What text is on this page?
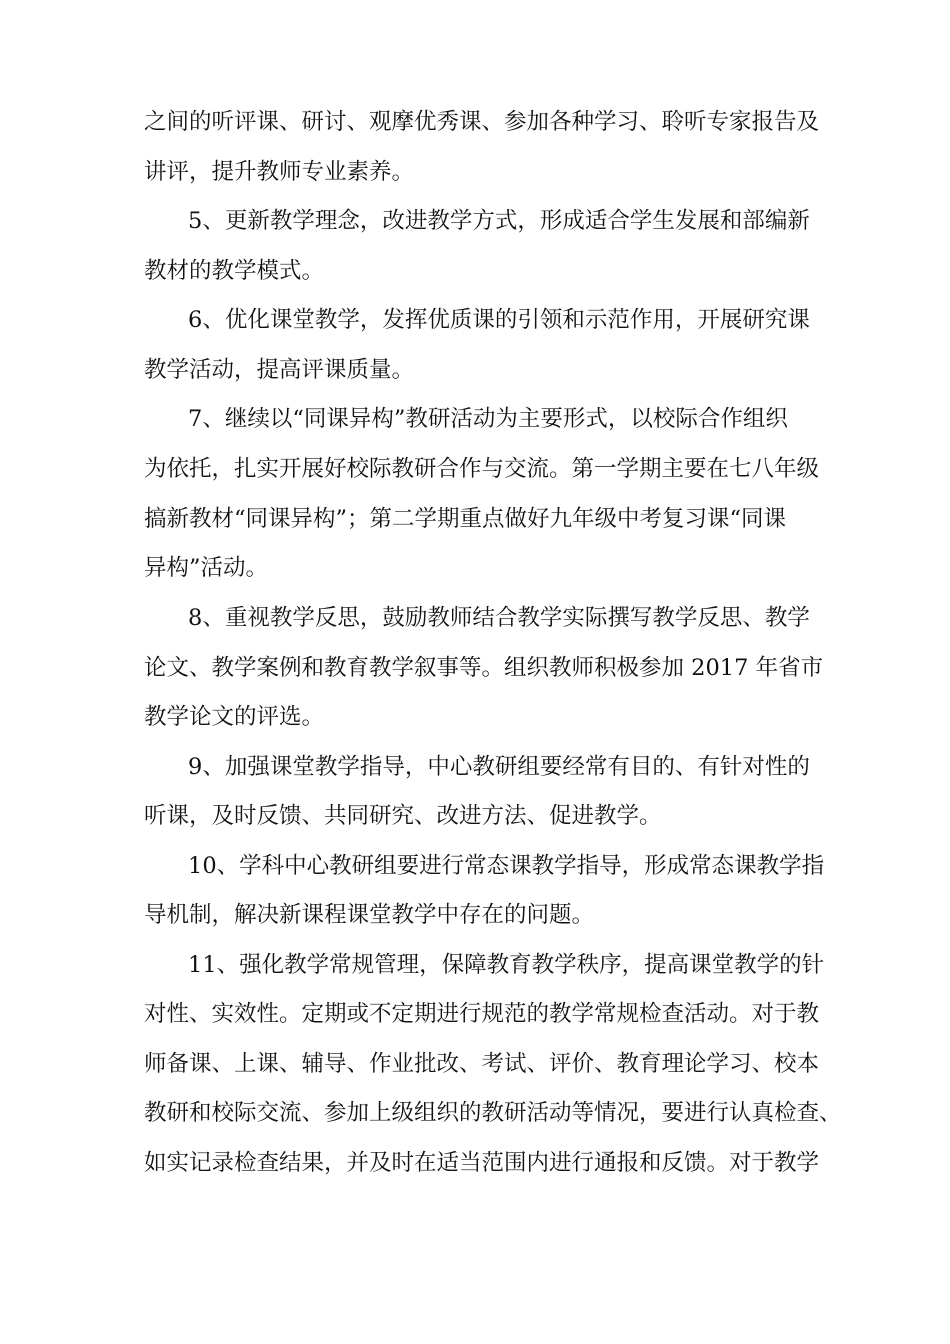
之间的听评课、研讨、观摩优秀课、参加各种学习、聆听专家报告及
讲评，提升教师专业素养。
5、更新教学理念，改进教学方式，形成适合学生发展和部编新
教材的教学模式。
6、优化课堂教学，发挥优质课的引领和示范作用，开展研究课
教学活动，提高评课质量。
7、继续以“同课异构”教研活动为主要形式，以校际合作组织
为依托，扎实开展好校际教研合作与交流。第一学期主要在七八年级
搞新教材“同课异构”；第二学期重点做好九年级中考复习课“同课
异构”活动。
8、重视教学反思，鼓励教师结合教学实际撰写教学反思、教学
论文、教学案例和教育教学叙事等。组织教师积极参加 2017 年省市
教学论文的评选。
9、加强课堂教学指导，中心教研组要经常有目的、有针对性的
听课，及时反馈、共同研究、改进方法、促进教学。
10、学科中心教研组要进行常态课教学指导，形成常态课教学指
导机制，解决新课程课堂教学中存在的问题。
11、强化教学常规管理，保障教育教学秩序，提高课堂教学的针
对性、实效性。定期或不定期进行规范的教学常规检查活动。对于教
师备课、上课、辅导、作业批改、考试、评价、教育理论学习、校本
教研和校际交流、参加上级组织的教研活动等情况，要进行认真检查、
如实记录检查结果，并及时在适当范围内进行通报和反馈。对于教学
